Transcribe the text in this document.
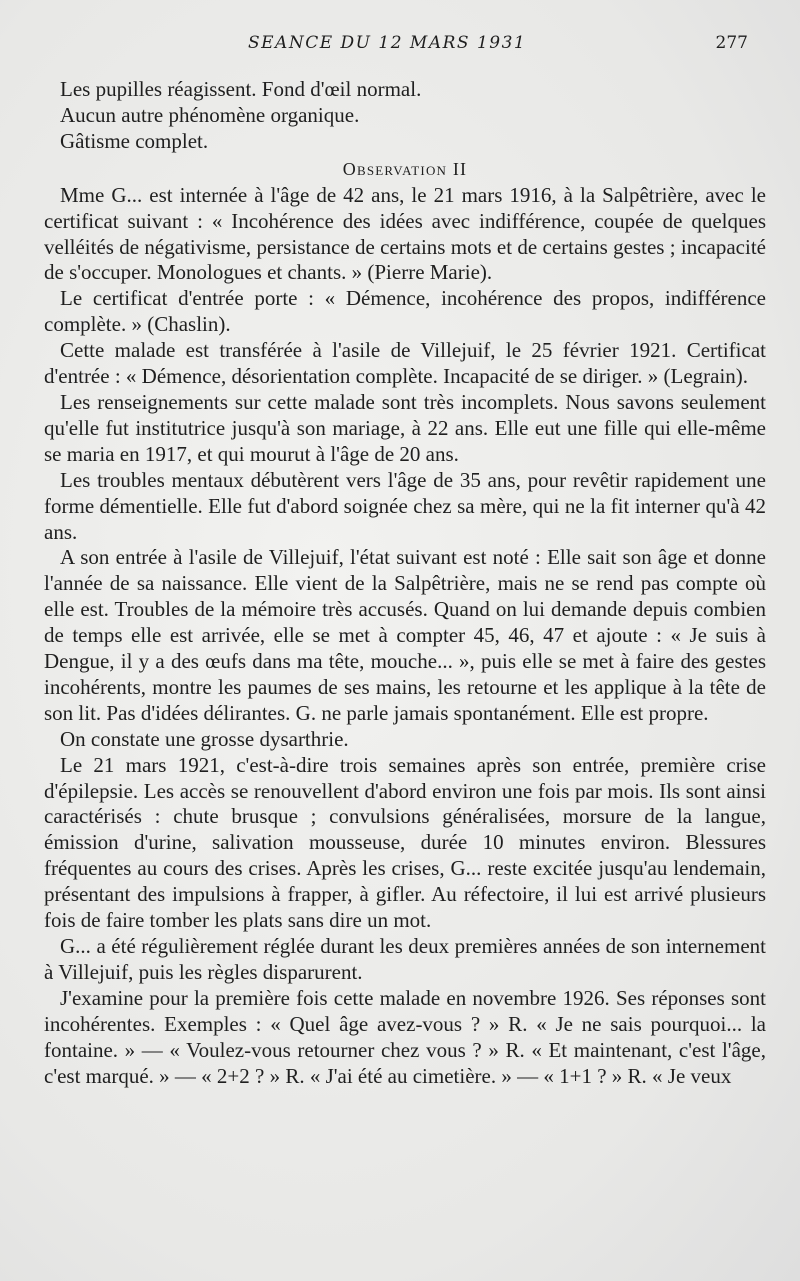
SEANCE DU 12 MARS 1931	277

Les pupilles réagissent. Fond d'œil normal.

Aucun autre phénomène organique.

Gâtisme complet.

Observation II

Mme G... est internée à l'âge de 42 ans, le 21 mars 1916, à la Salpêtrière, avec le certificat suivant : « Incohérence des idées avec indifférence, coupée de quelques velléités de négativisme, persistance de certains mots et de certains gestes ; incapacité de s'occuper. Monologues et chants. » (Pierre Marie).

Le certificat d'entrée porte : « Démence, incohérence des propos, indifférence complète. » (Chaslin).

Cette malade est transférée à l'asile de Villejuif, le 25 février 1921. Certificat d'entrée : « Démence, désorientation complète. Incapacité de se diriger. » (Legrain).

Les renseignements sur cette malade sont très incomplets. Nous savons seulement qu'elle fut institutrice jusqu'à son mariage, à 22 ans. Elle eut une fille qui elle-même se maria en 1917, et qui mourut à l'âge de 20 ans.

Les troubles mentaux débutèrent vers l'âge de 35 ans, pour revêtir rapidement une forme démentielle. Elle fut d'abord soignée chez sa mère, qui ne la fit interner qu'à 42 ans.

A son entrée à l'asile de Villejuif, l'état suivant est noté : Elle sait son âge et donne l'année de sa naissance. Elle vient de la Salpêtrière, mais ne se rend pas compte où elle est. Troubles de la mémoire très accusés. Quand on lui demande depuis combien de temps elle est arrivée, elle se met à compter 45, 46, 47 et ajoute : « Je suis à Dengue, il y a des œufs dans ma tête, mouche... », puis elle se met à faire des gestes incohérents, montre les paumes de ses mains, les retourne et les applique à la tête de son lit. Pas d'idées délirantes. G. ne parle jamais spontanément. Elle est propre.

On constate une grosse dysarthrie.

Le 21 mars 1921, c'est-à-dire trois semaines après son entrée, première crise d'épilepsie. Les accès se renouvellent d'abord environ une fois par mois. Ils sont ainsi caractérisés : chute brusque ; convulsions généralisées, morsure de la langue, émission d'urine, salivation mousseuse, durée 10 minutes environ. Blessures fréquentes au cours des crises. Après les crises, G... reste excitée jusqu'au lendemain, présentant des impulsions à frapper, à gifler. Au réfectoire, il lui est arrivé plusieurs fois de faire tomber les plats sans dire un mot.

G... a été régulièrement réglée durant les deux premières années de son internement à Villejuif, puis les règles disparurent.

J'examine pour la première fois cette malade en novembre 1926. Ses réponses sont incohérentes. Exemples : « Quel âge avez-vous ? » R. « Je ne sais pourquoi... la fontaine. » — « Voulez-vous retourner chez vous ? » R. « Et maintenant, c'est l'âge, c'est marqué. » — « 2+2 ? » R. « J'ai été au cimetière. » — « 1+1 ? » R. « Je veux
